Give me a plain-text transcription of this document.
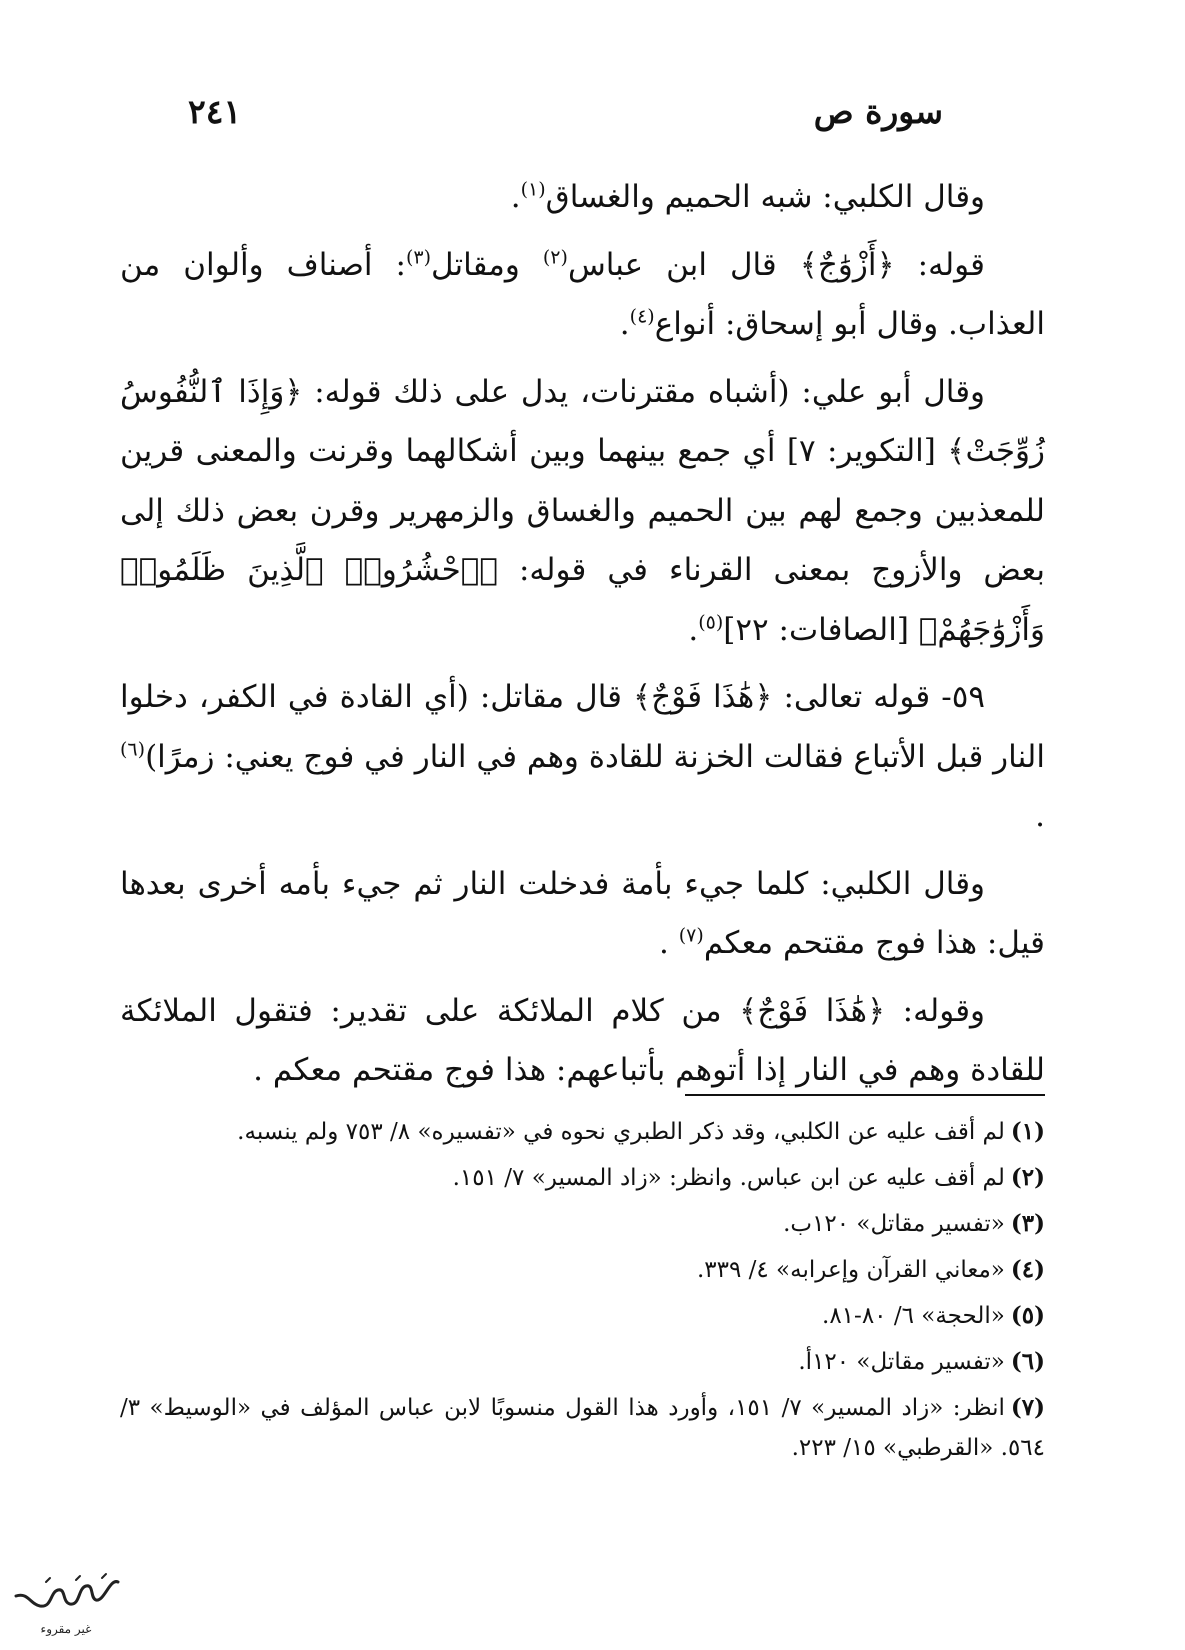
سورة ص
٢٤١

وقال الكلبي: شبه الحميم والغساق$^{(١)}$.

قوله: ﴿أَزْوَٰجٌ﴾ قال ابن عباس$^{(٢)}$ ومقاتل$^{(٣)}$: أصناف وألوان من العذاب. وقال أبو إسحاق: أنواع$^{(٤)}$.

وقال أبو علي: (أشباه مقترنات، يدل على ذلك قوله: ﴿وَإِذَا ٱلنُّفُوسُ زُوِّجَتْ﴾ [التكوير: ٧] أي جمع بينهما وبين أشكالهما وقرنت والمعنى قرين للمعذبين وجمع لهم بين الحميم والغساق والزمهرير وقرن بعض ذلك إلى بعض والأزوج بمعنى القرناء في قوله: ﴿ٱحْشُرُوا۟ ٱلَّذِينَ ظَلَمُوا۟ وَأَزْوَٰجَهُمْ﴾ [الصافات: ٢٢]$^{(٥)}$.

٥٩- قوله تعالى: ﴿هَٰذَا فَوْجٌ﴾ قال مقاتل: (أي القادة في الكفر، دخلوا النار قبل الأتباع فقالت الخزنة للقادة وهم في النار في فوج يعني: زمرًا)$^{(٦)}$ .

وقال الكلبي: كلما جيء بأمة فدخلت النار ثم جيء بأمه أخرى بعدها قيل: هذا فوج مقتحم معكم$^{(٧)}$ .

وقوله: ﴿هَٰذَا فَوْجٌ﴾ من كلام الملائكة على تقدير: فتقول الملائكة للقادة وهم في النار إذا أتوهم بأتباعهم: هذا فوج مقتحم معكم .

(١)لم أقف عليه عن الكلبي، وقد ذكر الطبري نحوه في «تفسيره» ٨/ ٧٥٣ ولم ينسبه.
(٢)لم أقف عليه عن ابن عباس. وانظر: «زاد المسير» ٧/ ١٥١.
(٣)«تفسير مقاتل» ١٢٠ب.
(٤)«معاني القرآن وإعرابه» ٤/ ٣٣٩.
(٥)«الحجة» ٦/ ٨٠-٨١.
(٦)«تفسير مقاتل» ١٢٠أ.
(٧)انظر: «زاد المسير» ٧/ ١٥١، وأورد هذا القول منسوبًا لابن عباس المؤلف في «الوسيط» ٣/ ٥٦٤. «القرطبي» ١٥/ ٢٢٣.
غير مقروء
